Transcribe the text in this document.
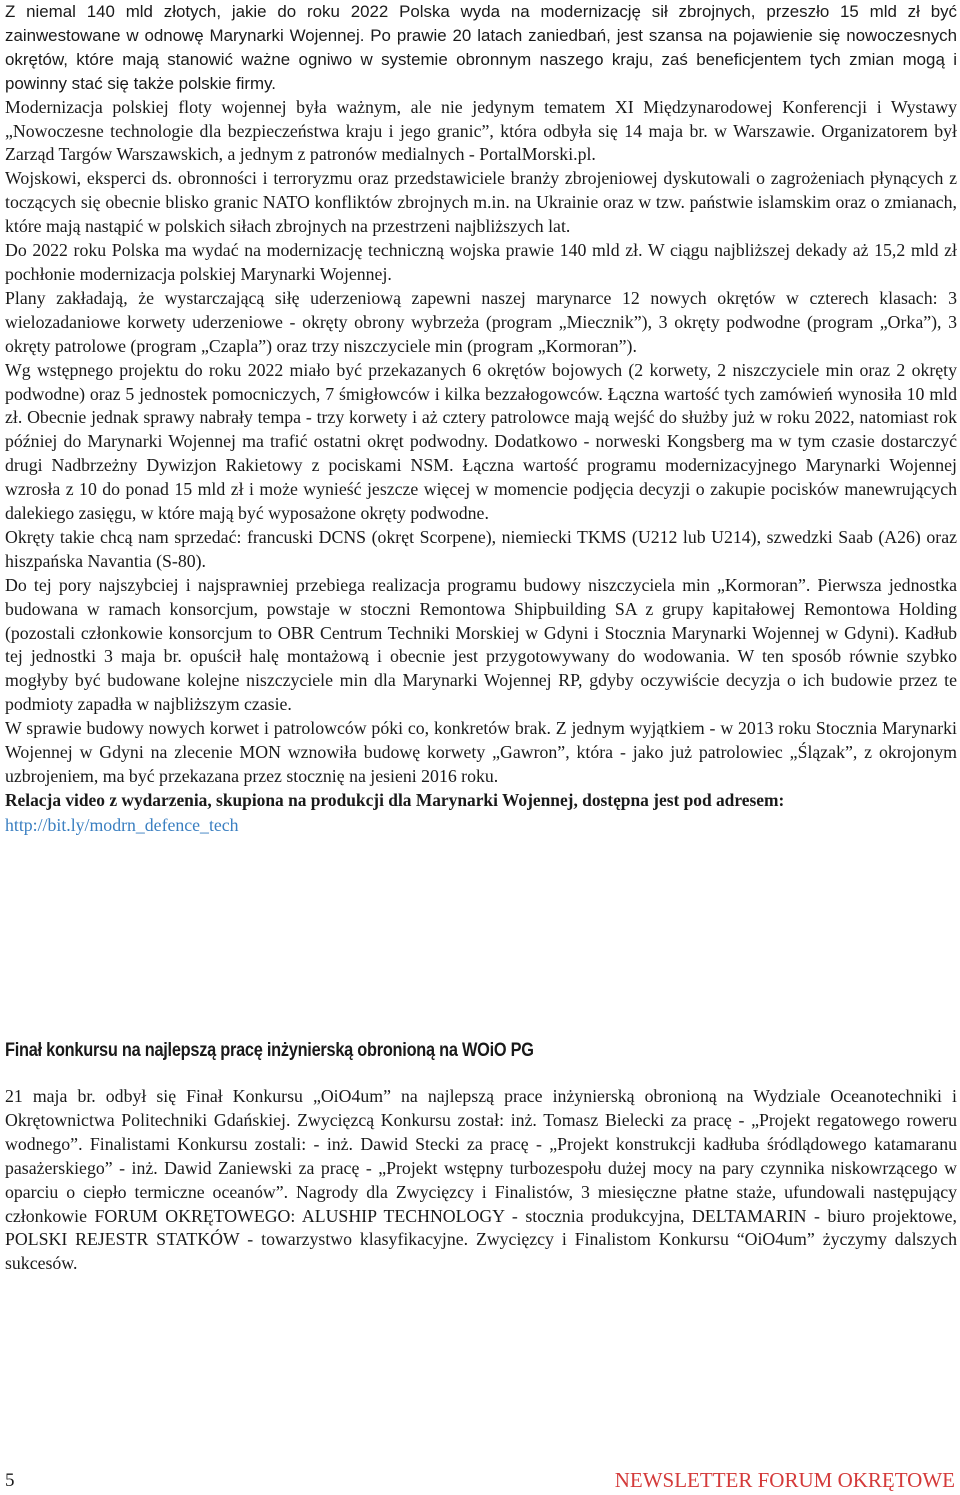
Z niemal 140 mld złotych, jakie do roku 2022 Polska wyda na modernizację sił zbrojnych, przeszło 15 mld zł być zainwestowane w odnowę Marynarki Wojennej. Po prawie 20 latach zaniedbań, jest szansa na pojawienie się nowoczesnych okrętów, które mają stanowić ważne ogniwo w systemie obronnym naszego kraju, zaś beneficjentem tych zmian mogą i powinny stać się także polskie firmy.

Modernizacja polskiej floty wojennej była ważnym, ale nie jedynym tematem XI Międzynarodowej Konferencji i Wystawy „Nowoczesne technologie dla bezpieczeństwa kraju i jego granic”, która odbyła się 14 maja br. w Warszawie. Organizatorem był Zarząd Targów Warszawskich, a jednym z patronów medialnych - PortalMorski.pl.

Wojskowi, eksperci ds. obronności i terroryzmu oraz przedstawiciele branży zbrojeniowej dyskutowali o zagrożeniach płynących z toczących się obecnie blisko granic NATO konfliktów zbrojnych m.in. na Ukrainie oraz w tzw. państwie islamskim oraz o zmianach, które mają nastąpić w polskich siłach zbrojnych na przestrzeni najbliższych lat.

Do 2022 roku Polska ma wydać na modernizację techniczną wojska prawie 140 mld zł. W ciągu najbliższej dekady aż 15,2 mld zł pochłonie modernizacja polskiej Marynarki Wojennej.

Plany zakładają, że wystarczającą siłę uderzeniową zapewni naszej marynarce 12 nowych okrętów w czterech klasach: 3 wielozadaniowe korwety uderzeniowe - okręty obrony wybrzeża (program „Miecznik”), 3 okręty podwodne (program „Orka”), 3 okręty patrolowe (program „Czapla”) oraz trzy niszczyciele min (program „Kormoran”).

Wg wstępnego projektu do roku 2022 miało być przekazanych 6 okrętów bojowych (2 korwety, 2 niszczyciele min oraz 2 okręty podwodne) oraz 5 jednostek pomocniczych, 7 śmigłowców i kilka bezzałogowców. Łączna wartość tych zamówień wynosiła 10 mld zł. Obecnie jednak sprawy nabrały tempa - trzy korwety i aż cztery patrolowce mają wejść do służby już w roku 2022, natomiast rok później do Marynarki Wojennej ma trafić ostatni okręt podwodny. Dodatkowo - norweski Kongsberg ma w tym czasie dostarczyć drugi Nadbrzeżny Dywizjon Rakietowy z pociskami NSM. Łączna wartość programu modernizacyjnego Marynarki Wojennej wzrosła z 10 do ponad 15 mld zł i może wynieść jeszcze więcej w momencie podjęcia decyzji o zakupie pocisków manewrujących dalekiego zasięgu, w które mają być wyposażone okręty podwodne.

Okręty takie chcą nam sprzedać: francuski DCNS (okręt Scorpene), niemiecki TKMS (U212 lub U214), szwedzki Saab (A26) oraz hiszpańska Navantia (S-80).

Do tej pory najszybciej i najsprawniej przebiega realizacja programu budowy niszczyciela min „Kormoran”. Pierwsza jednostka budowana w ramach konsorcjum, powstaje w stoczni Remontowa Shipbuilding SA z grupy kapitałowej Remontowa Holding (pozostali członkowie konsorcjum to OBR Centrum Techniki Morskiej w Gdyni i Stocznia Marynarki Wojennej w Gdyni). Kadłub tej jednostki 3 maja br. opuścił halę montażową i obecnie jest przygotowywany do wodowania. W ten sposób równie szybko mogłyby być budowane kolejne niszczyciele min dla Marynarki Wojennej RP, gdyby oczywiście decyzja o ich budowie przez te podmioty zapadła w najbliższym czasie.

W sprawie budowy nowych korwet i patrolowców póki co, konkretów brak. Z jednym wyjątkiem - w 2013 roku Stocznia Marynarki Wojennej w Gdyni na zlecenie MON wznowiła budowę korwety „Gawron”, która - jako już patrolowiec „Ślązak”, z okrojonym uzbrojeniem, ma być przekazana przez stocznię na jesieni 2016 roku.

Relacja video z wydarzenia, skupiona na produkcji dla Marynarki Wojennej, dostępna jest pod adresem:

http://bit.ly/modrn_defence_tech

Finał konkursu na najlepszą pracę inżynierską obronioną na WOiO PG

21 maja br. odbył się Finał Konkursu „OiO4um” na najlepszą prace inżynierską obronioną na Wydziale Oceanotechniki i Okrętownictwa Politechniki Gdańskiej. Zwycięzcą Konkursu został: inż. Tomasz Bielecki za pracę - „Projekt regatowego roweru wodnego”. Finalistami Konkursu zostali: - inż. Dawid Stecki za pracę - „Projekt konstrukcji kadłuba śródlądowego katamaranu pasażerskiego” - inż. Dawid Zaniewski za pracę - „Projekt wstępny turbozespołu dużej mocy na pary czynnika niskowrzącego w oparciu o ciepło termiczne oceanów”. Nagrody dla Zwycięzcy i Finalistów, 3 miesięczne płatne staże, ufundowali następujący członkowie FORUM OKRĘTOWEGO: ALUSHIP TECHNOLOGY - stocznia produkcyjna, DELTAMARIN - biuro projektowe, POLSKI REJESTR STATKÓW - towarzystwo klasyfikacyjne. Zwycięzcy i Finalistom Konkursu “OiO4um” życzymy dalszych sukcesów.

5	NEWSLETTER FORUM OKRĘTOWE
